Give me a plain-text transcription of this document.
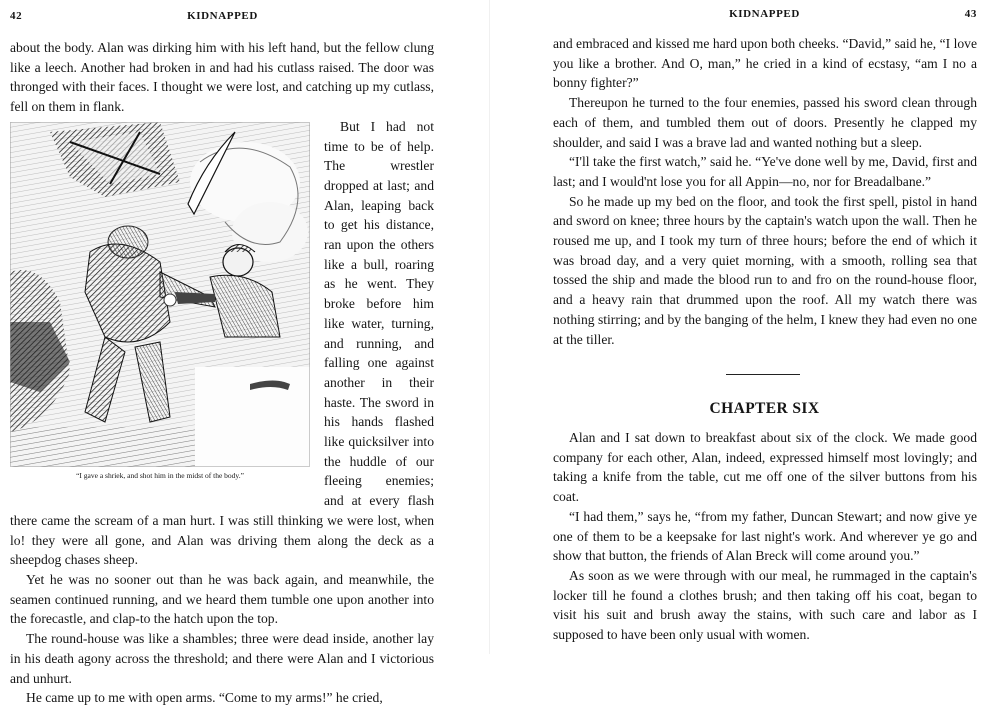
42	KIDNAPPED

about the body. Alan was dirking him with his left hand, but the fellow clung like a leech. Another had broken in and had his cutlass raised. The door was thronged with their faces. I thought we were lost, and catching up my cutlass, fell on them in flank.

“I gave a shriek, and shot him in the midst of the body.”

But I had not time to be of help. The wrestler dropped at last; and Alan, leaping back to get his distance, ran upon the others like a bull, roaring as he went. They broke before him like water, turning, and running, and falling one against another in their haste. The sword in his hands flashed like quicksilver into the huddle of our fleeing enemies; and at every flash there came the scream of a man hurt. I was still thinking we were lost, when lo! they were all gone, and Alan was driving them along the deck as a sheepdog chases sheep.

Yet he was no sooner out than he was back again, and meanwhile, the seamen continued running, and we heard them tumble one upon another into the forecastle, and clap-to the hatch upon the top.

The round-house was like a shambles; three were dead inside, another lay in his death agony across the threshold; and there were Alan and I victorious and unhurt.

He came up to me with open arms. “Come to my arms!” he cried,

KIDNAPPED	43

and embraced and kissed me hard upon both cheeks. “David,” said he, “I love you like a brother. And O, man,” he cried in a kind of ecstasy, “am I no a bonny fighter?”

Thereupon he turned to the four enemies, passed his sword clean through each of them, and tumbled them out of doors. Presently he clapped my shoulder, and said I was a brave lad and wanted nothing but a sleep.

“I'll take the first watch,” said he. “Ye've done well by me, David, first and last; and I would'nt lose you for all Appin—no, nor for Breadalbane.”

So he made up my bed on the floor, and took the first spell, pistol in hand and sword on knee; three hours by the captain's watch upon the wall. Then he roused me up, and I took my turn of three hours; before the end of which it was broad day, and a very quiet morning, with a smooth, rolling sea that tossed the ship and made the blood run to and fro on the round-house floor, and a heavy rain that drummed upon the roof. All my watch there was nothing stirring; and by the banging of the helm, I knew they had even no one at the tiller.

CHAPTER SIX

Alan and I sat down to breakfast about six of the clock. We made good company for each other, Alan, indeed, expressed himself most lovingly; and taking a knife from the table, cut me off one of the silver buttons from his coat.

“I had them,” says he, “from my father, Duncan Stewart; and now give ye one of them to be a keepsake for last night's work. And wherever ye go and show that button, the friends of Alan Breck will come around you.”

As soon as we were through with our meal, he rummaged in the captain's locker till he found a clothes brush; and then taking off his coat, began to visit his suit and brush away the stains, with such care and labor as I supposed to have been only usual with women.
